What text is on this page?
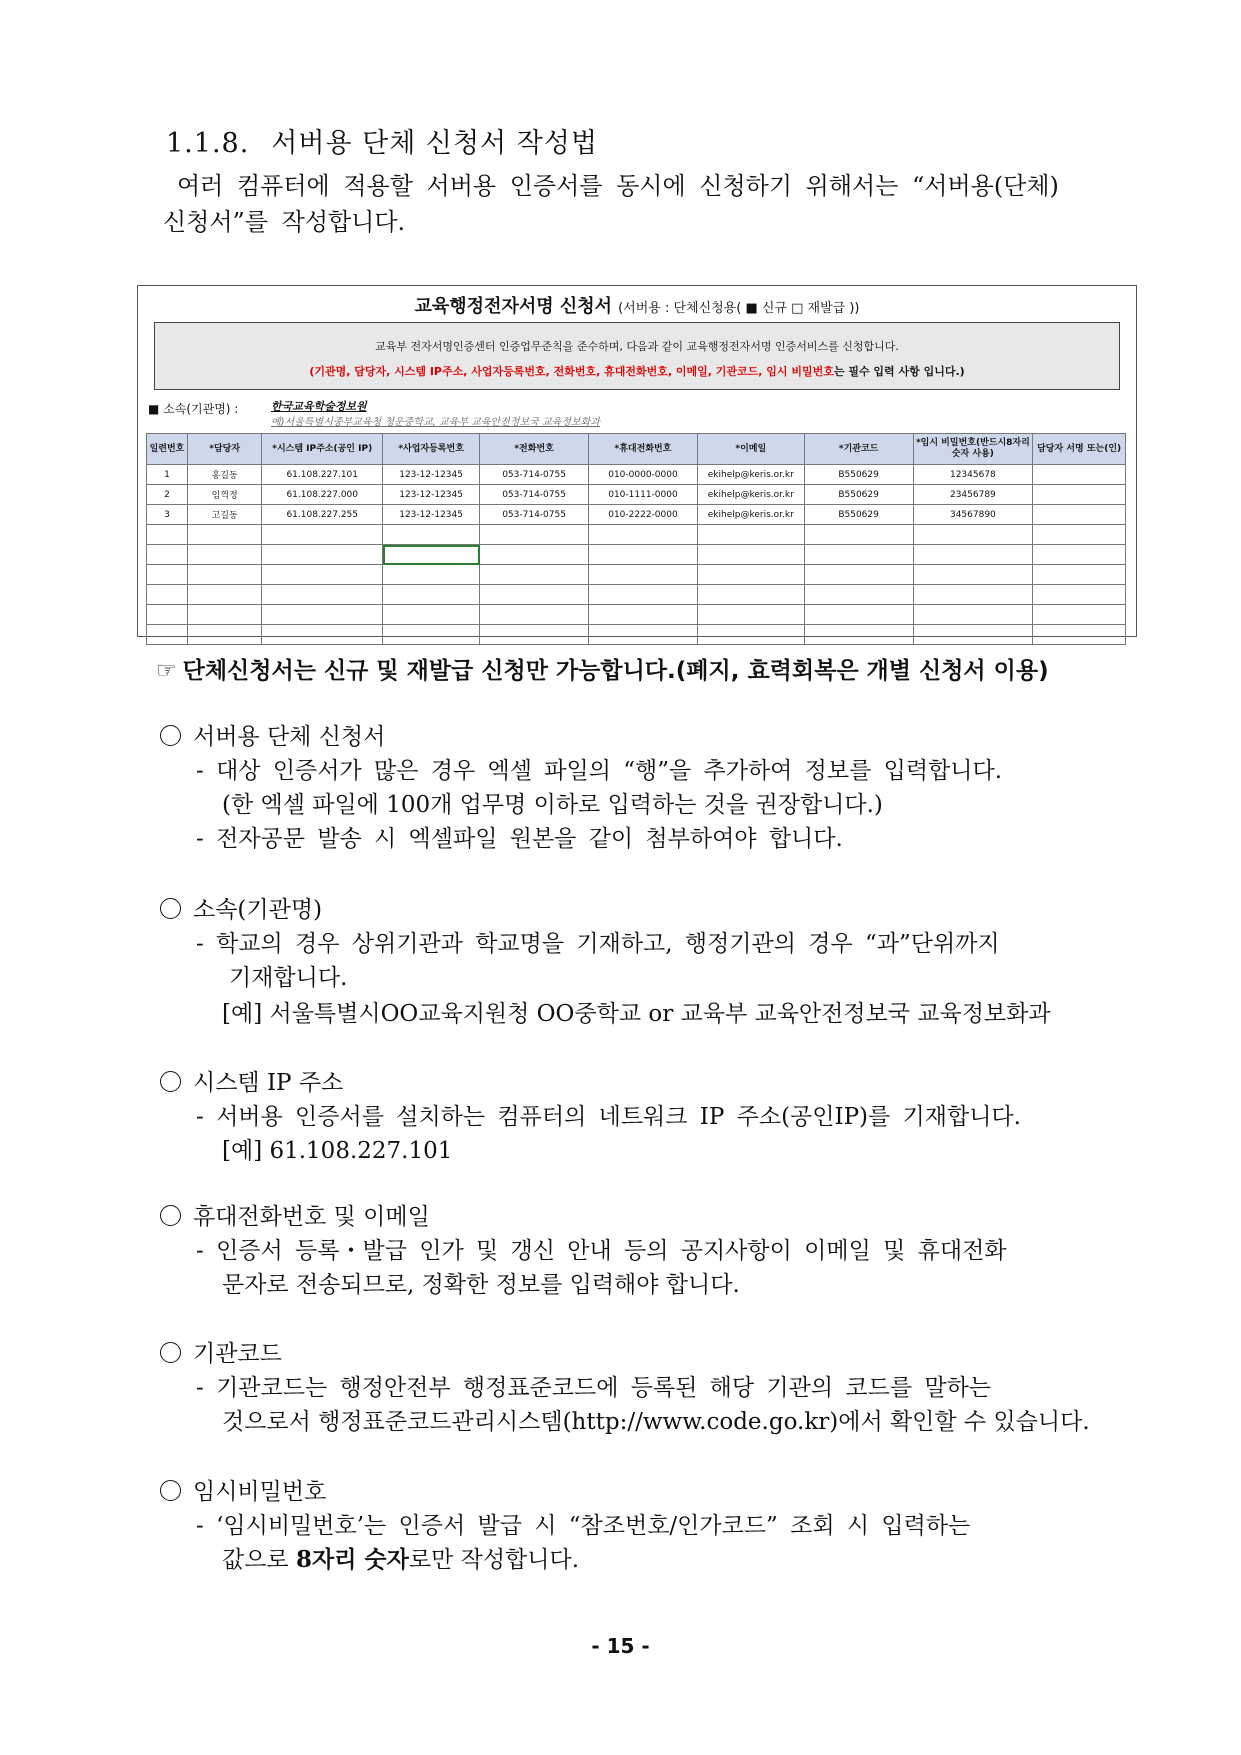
1.1.8. 서버용 단체 신청서 작성법
여러 컴퓨터에 적용할 서버용 인증서를 동시에 신청하기 위해서는 “서버용(단체)
신청서”를 작성합니다.
교육행정전자서명 신청서 (서버용 : 단체신청용( ■ 신규 □ 재발급 ))
교육부 전자서명인증센터 인증업무준칙을 준수하며, 다음과 같이 교육행정전자서명 인증서비스를 신청합니다.
(기관명, 담당자, 시스템 IP주소, 사업자등록번호, 전화번호, 휴대전화번호, 이메일, 기관코드, 임시 비밀번호는 필수 입력 사항 입니다.)
■ 소속(기관명) :	한국교육학술정보원
예)서울특별시중부교육청 청운중학교, 교육부 교육안전정보국 교육정보화과
일련번호	*담당자	*시스템 IP주소(공인 IP)	*사업자등록번호	*전화번호	*휴대전화번호	*이메일	*기관코드	*임시 비밀번호(반드시8자리숫자 사용)	담당자 서명 또는(인)
1	홍길동	61.108.227.101	123-12-12345	053-714-0755	010-0000-0000	ekihelp@keris.or.kr	B550629	12345678	
2	임꺽정	61.108.227.000	123-12-12345	053-714-0755	010-1111-0000	ekihelp@keris.or.kr	B550629	23456789	
3	고길동	61.108.227.255	123-12-12345	053-714-0755	010-2222-0000	ekihelp@keris.or.kr	B550629	34567890	

☞ 단체신청서는 신규 및 재발급 신청만 가능합니다.(폐지, 효력회복은 개별 신청서 이용)
서버용 단체 신청서
- 대상 인증서가 많은 경우 엑셀 파일의 “행”을 추가하여 정보를 입력합니다.
(한 엑셀 파일에 100개 업무명 이하로 입력하는 것을 권장합니다.)
- 전자공문 발송 시 엑셀파일 원본을 같이 첨부하여야 합니다.
소속(기관명)
- 학교의 경우 상위기관과 학교명을 기재하고, 행정기관의 경우 “과”단위까지
기재합니다.
[예] 서울특별시OO교육지원청 OO중학교 or 교육부 교육안전정보국 교육정보화과
시스템 IP 주소
- 서버용 인증서를 설치하는 컴퓨터의 네트워크 IP 주소(공인IP)를 기재합니다.
[예] 61.108.227.101
휴대전화번호 및 이메일
- 인증서 등록・발급 인가 및 갱신 안내 등의 공지사항이 이메일 및 휴대전화
문자로 전송되므로, 정확한 정보를 입력해야 합니다.
기관코드
- 기관코드는 행정안전부 행정표준코드에 등록된 해당 기관의 코드를 말하는
것으로서 행정표준코드관리시스템(http://www.code.go.kr)에서 확인할 수 있습니다.
임시비밀번호
- ‘임시비밀번호’는 인증서 발급 시 “참조번호/인가코드” 조회 시 입력하는
값으로 8자리 숫자로만 작성합니다.
- 15 -
